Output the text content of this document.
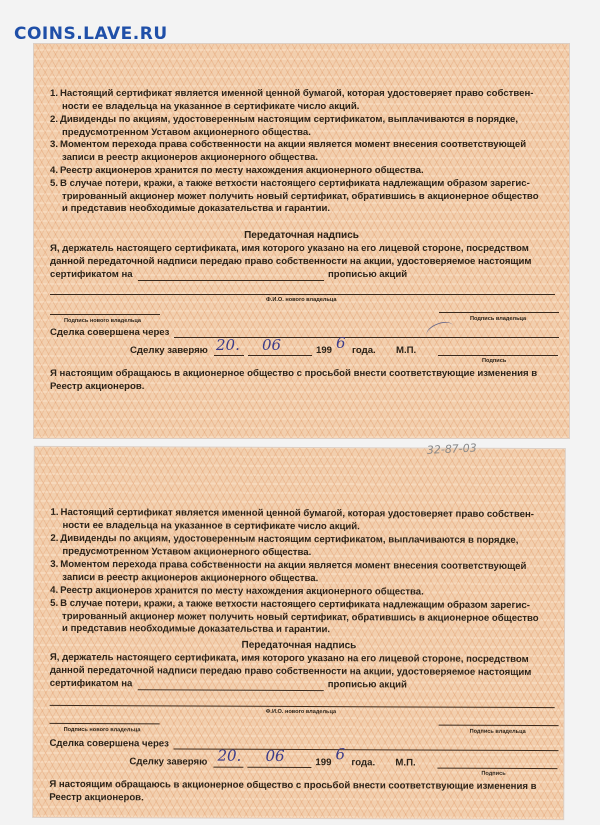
COINS.LAVE.RU
1. Настоящий сертификат является именной ценной бумагой, которая удостоверяет право собствен-
ности ее владельца на указанное в сертификате число акций.
2. Дивиденды по акциям, удостоверенным настоящим сертификатом, выплачиваются в порядке,
предусмотренном Уставом акционерного общества.
3. Моментом перехода права собственности на акции является момент внесения соответствующей
записи в реестр акционеров акционерного общества.
4. Реестр акционеров хранится по месту нахождения акционерного общества.
5. В случае потери, кражи, а также ветхости настоящего сертификата надлежащим образом зарегис-
трированный акционер может получить новый сертификат, обратившись в акционерное общество
и представив необходимые доказательства и гарантии.
Передаточная надпись
Я, держатель настоящего сертификата, имя которого указано на его лицевой стороне, посредством
данной передаточной надписи передаю право собственности на акции, удостоверяемое настоящим
сертификатом на	прописью акций
Ф.И.О. нового владельца
Подпись нового владельца	Подпись владельца
Сделка совершена через
Сделку заверяю 20. 06	199 6 года. М.П.
Подпись
Я настоящим обращаюсь в акционерное общество с просьбой внести соответствующие изменения в
Реестр акционеров.
32-87-03
1. Настоящий сертификат является именной ценной бумагой, которая удостоверяет право собствен-
ности ее владельца на указанное в сертификате число акций.
2. Дивиденды по акциям, удостоверенным настоящим сертификатом, выплачиваются в порядке,
предусмотренном Уставом акционерного общества.
3. Моментом перехода права собственности на акции является момент внесения соответствующей
записи в реестр акционеров акционерного общества.
4. Реестр акционеров хранится по месту нахождения акционерного общества.
5. В случае потери, кражи, а также ветхости настоящего сертификата надлежащим образом зарегис-
трированный акционер может получить новый сертификат, обратившись в акционерное общество
и представив необходимые доказательства и гарантии.
Передаточная надпись
Я, держатель настоящего сертификата, имя которого указано на его лицевой стороне, посредством
данной передаточной надписи передаю право собственности на акции, удостоверяемое настоящим
сертификатом на	прописью акций
Ф.И.О. нового владельца
Подпись нового владельца	Подпись владельца
Сделка совершена через
Сделку заверяю 20. 06	199 6 года. М.П.
Подпись
Я настоящим обращаюсь в акционерное общество с просьбой внести соответствующие изменения в
Реестр акционеров.
